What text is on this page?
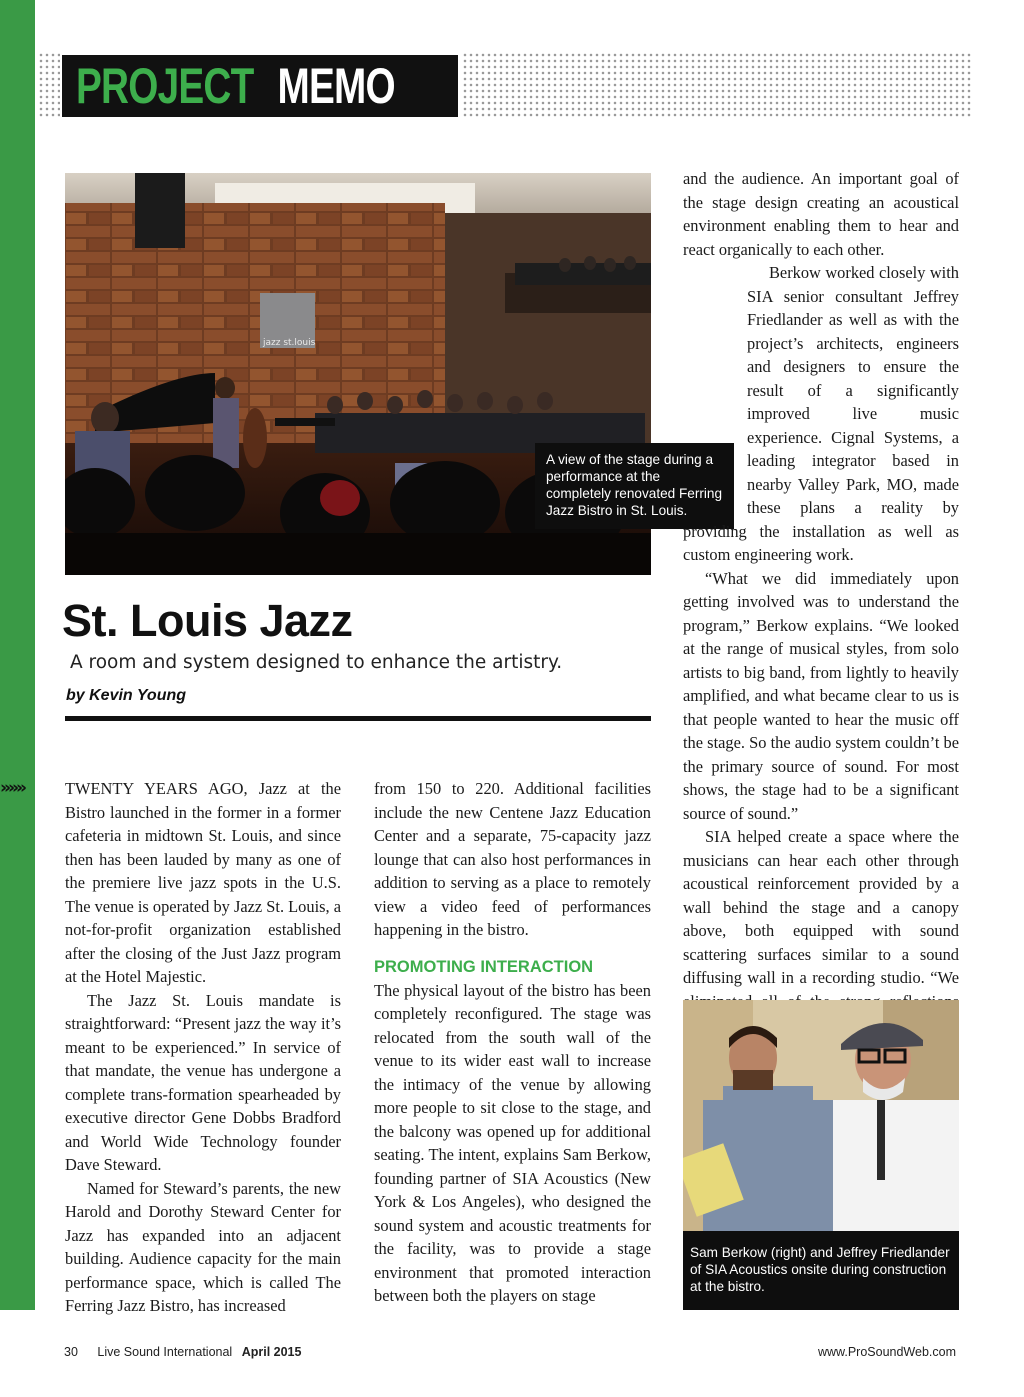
PROJECT MEMO
jazz st.louis
A view of the stage during a performance at the completely renovated Ferring Jazz Bistro in St. Louis.
St. Louis Jazz
A room and system designed to enhance the artistry.
by Kevin Young
›››››› TWENTY YEARS AGO, Jazz at the Bistro launched in the former in a former cafeteria in midtown St. Louis, and since then has been lauded by many as one of the premiere live jazz spots in the U.S. The venue is operated by Jazz St. Louis, a not-for-profit organization established after the closing of the Just Jazz program at the Hotel Majestic.

The Jazz St. Louis mandate is straightforward: “Present jazz the way it’s meant to be experienced.” In service of that mandate, the venue has undergone a complete trans-formation spearheaded by executive director Gene Dobbs Bradford and World Wide Technology founder Dave Steward.

Named for Steward’s parents, the new Harold and Dorothy Steward Center for Jazz has expanded into an adjacent building. Audience capacity for the main performance space, which is called The Ferring Jazz Bistro, has increased

from 150 to 220. Additional facilities include the new Centene Jazz Education Center and a separate, 75-capacity jazz lounge that can also host performances in addition to serving as a place to remotely view a video feed of performances happening in the bistro.

PROMOTING INTERACTION

The physical layout of the bistro has been completely reconfigured. The stage was relocated from the south wall of the venue to its wider east wall to increase the intimacy of the venue by allowing more people to sit close to the stage, and the balcony was opened up for additional seating. The intent, explains Sam Berkow, founding partner of SIA Acoustics (New York & Los Angeles), who designed the sound system and acoustic treatments for the facility, was to provide a stage environment that promoted interaction between both the players on stage

and the audience. An important goal of the stage design creating an acoustical environment enabling them to hear and react organically to each other.

Berkow worked closely with SIA senior consultant Jeffrey Friedlander as well as with the project’s architects, engineers and designers to ensure the result of a significantly improved live music experience. Cignal Systems, a leading integrator based in nearby Valley Park, MO, made these plans a reality by providing the installation as well as custom engineering work.

“What we did immediately upon getting involved was to understand the program,” Berkow explains. “We looked at the range of musical styles, from solo artists to big band, from lightly to heavily amplified, and what became clear to us is that people wanted to hear the music off the stage. So the audio system couldn’t be the primary source of sound. For most shows, the stage had to be a significant source of sound.”

SIA helped create a space where the musicians can hear each other through acoustical reinforcement provided by a wall behind the stage and a canopy above, both equipped with sound scattering surfaces similar to a sound diffusing wall in a recording studio. “We

Sam Berkow (right) and Jeffrey Friedlander of SIA Acoustics onsite during construction at the bistro.
30 Live Sound International April 2015	www.ProSoundWeb.com
